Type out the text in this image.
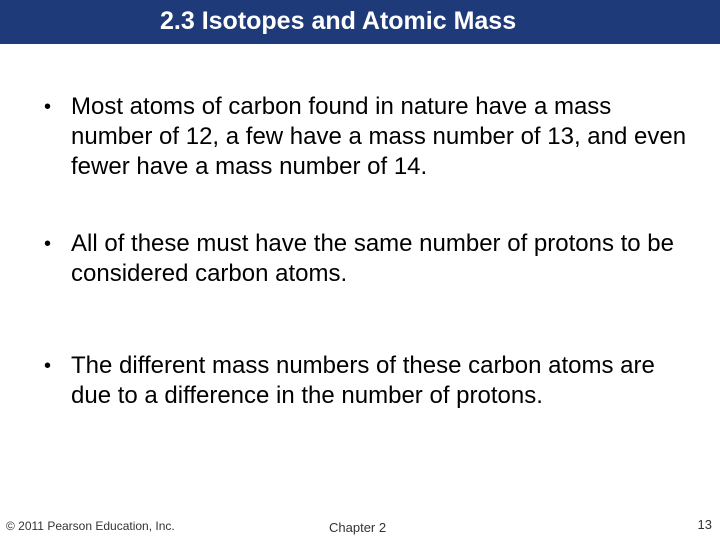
2.3 Isotopes and Atomic Mass
• Most atoms of carbon found in nature have a mass number of 12, a few have a mass number of 13, and even fewer have a mass number of 14.
• All of these must have the same number of protons to be considered carbon atoms.
• The different mass numbers of these carbon atoms are due to a difference in the number of protons.
© 2011 Pearson Education, Inc.	Chapter 2	13
